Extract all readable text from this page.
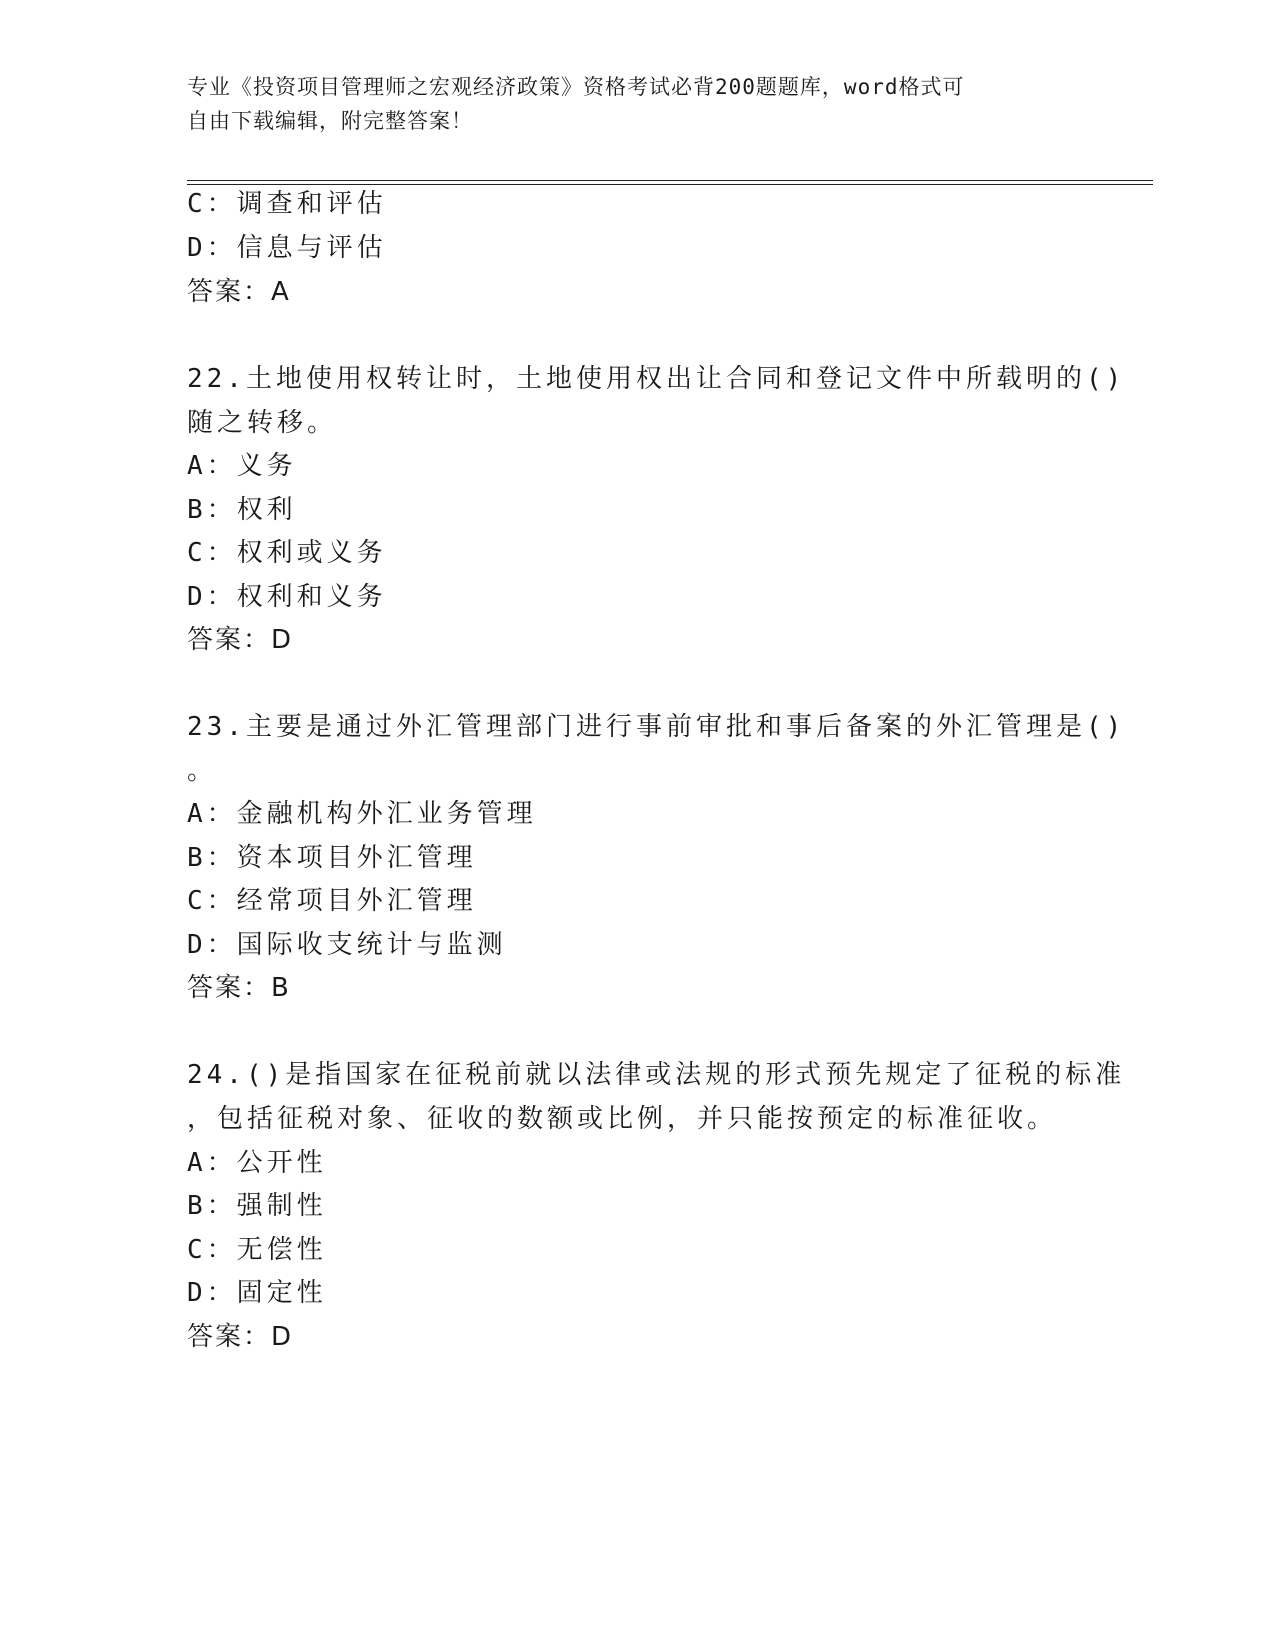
专业《投资项目管理师之宏观经济政策》资格考试必背200题题库，word格式可
自由下载编辑，附完整答案！
C：调查和评估
D：信息与评估
答案：A
22.土地使用权转让时，土地使用权出让合同和登记文件中所载明的()
随之转移。
A：义务
B：权利
C：权利或义务
D：权利和义务
答案：D
23.主要是通过外汇管理部门进行事前审批和事后备案的外汇管理是()
。
A：金融机构外汇业务管理
B：资本项目外汇管理
C：经常项目外汇管理
D：国际收支统计与监测
答案：B
24.()是指国家在征税前就以法律或法规的形式预先规定了征税的标准
，包括征税对象、征收的数额或比例，并只能按预定的标准征收。
A：公开性
B：强制性
C：无偿性
D：固定性
答案：D
